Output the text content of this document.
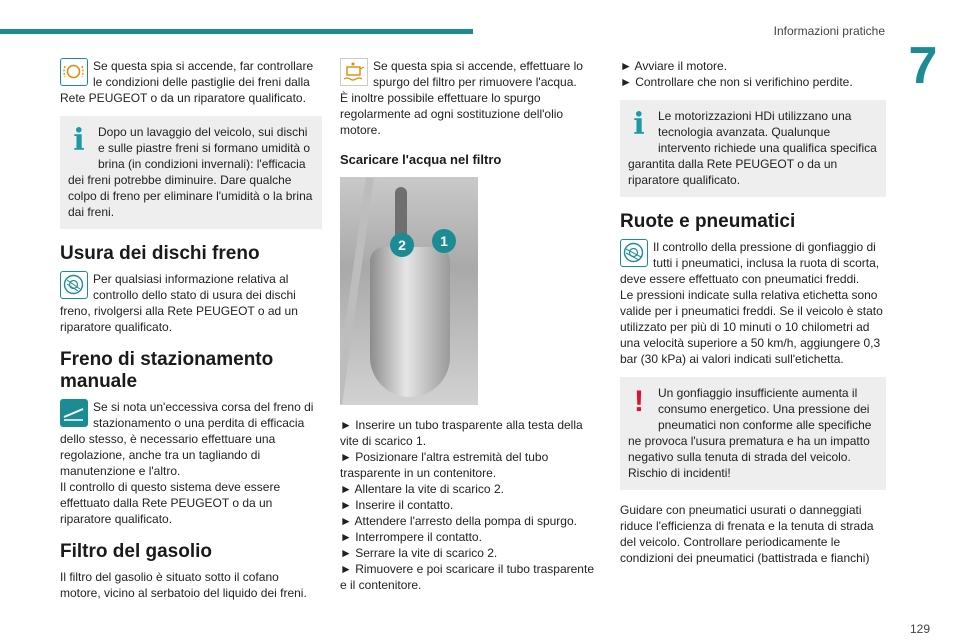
Informazioni pratiche
7

Se questa spia si accende, far controllare le condizioni delle pastiglie dei freni dalla Rete PEUGEOT o da un riparatore qualificato.

i	Dopo un lavaggio del veicolo, sui dischi e sulle piastre freni si formano umidità o brina (in condizioni invernali): l'efficacia dei freni potrebbe diminuire. Dare qualche colpo di freno per eliminare l'umidità o la brina dai freni.

Usura dei dischi freno

Per qualsiasi informazione relativa al controllo dello stato di usura dei dischi freno, rivolgersi alla Rete PEUGEOT o ad un riparatore qualificato.

Freno di stazionamento manuale

Se si nota un'eccessiva corsa del freno di stazionamento o una perdita di efficacia dello stesso, è necessario effettuare una regolazione, anche tra un tagliando di manutenzione e l'altro.

Il controllo di questo sistema deve essere effettuato dalla Rete PEUGEOT o da un riparatore qualificato.

Filtro del gasolio

Il filtro del gasolio è situato sotto il cofano motore, vicino al serbatoio del liquido dei freni.

Se questa spia si accende, effettuare lo spurgo del filtro per rimuovere l'acqua.

È inoltre possibile effettuare lo spurgo regolarmente ad ogni sostituzione dell'olio motore.

Scaricare l'acqua nel filtro
2	1

► Inserire un tubo trasparente alla testa della vite di scarico 1.

► Posizionare l'altra estremità del tubo trasparente in un contenitore.

► Allentare la vite di scarico 2.

► Inserire il contatto.

► Attendere l'arresto della pompa di spurgo.

► Interrompere il contatto.

► Serrare la vite di scarico 2.

► Rimuovere e poi scaricare il tubo trasparente e il contenitore.

► Avviare il motore.

► Controllare che non si verifichino perdite.

i	Le motorizzazioni HDi utilizzano una tecnologia avanzata. Qualunque intervento richiede una qualifica specifica garantita dalla Rete PEUGEOT o da un riparatore qualificato.

Ruote e pneumatici

Il controllo della pressione di gonfiaggio di tutti i pneumatici, inclusa la ruota di scorta, deve essere effettuato con pneumatici freddi.

Le pressioni indicate sulla relativa etichetta sono valide per i pneumatici freddi. Se il veicolo è stato utilizzato per più di 10 minuti o 10 chilometri ad una velocità superiore a 50 km/h, aggiungere 0,3 bar (30 kPa) ai valori indicati sull'etichetta.

!	Un gonfiaggio insufficiente aumenta il consumo energetico. Una pressione dei pneumatici non conforme alle specifiche ne provoca l'usura prematura e ha un impatto negativo sulla tenuta di strada del veicolo. Rischio di incidenti!

Guidare con pneumatici usurati o danneggiati riduce l'efficienza di frenata e la tenuta di strada del veicolo. Controllare periodicamente le condizioni dei pneumatici (battistrada e fianchi)

129
